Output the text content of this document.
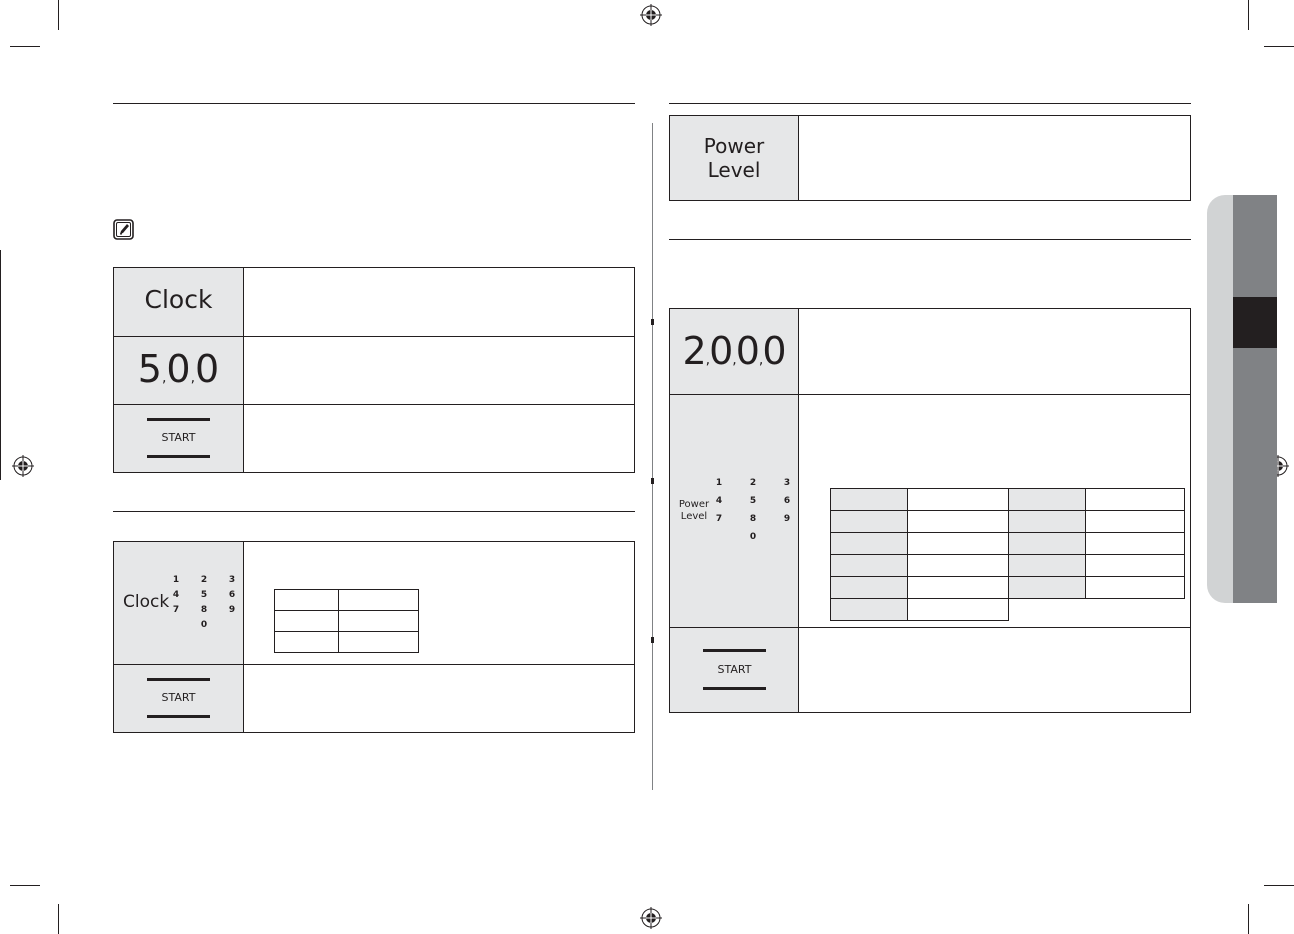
Clock
5,0,0
START
Clock
1 2 3
4 5 6
7 8 9
0

START
Power
Level
2,0,0,0
Power
Level
1	2	3
4	5	6
7	8	9
0

START
